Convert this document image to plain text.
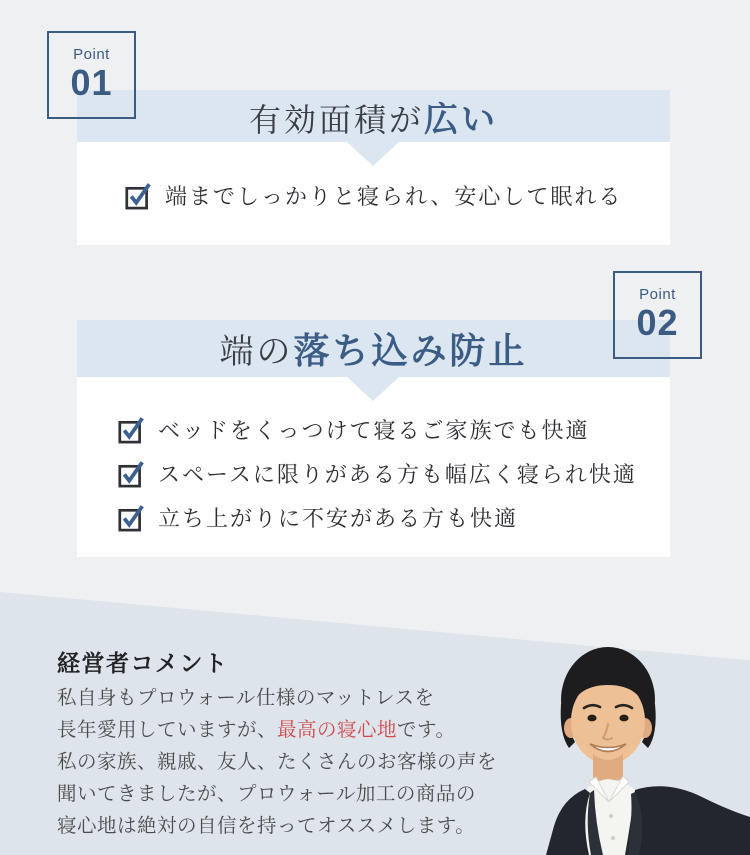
Point
01
有効面積が広い
端までしっかりと寝られ、安心して眠れる
Point
02
端の落ち込み防止
ベッドをくっつけて寝るご家族でも快適
スペースに限りがある方も幅広く寝られ快適
立ち上がりに不安がある方も快適
経営者コメント

私自身もプロウォール仕様のマットレスを
長年愛用していますが、最高の寝心地です。
私の家族、親戚、友人、たくさんのお客様の声を
聞いてきましたが、プロウォール加工の商品の
寝心地は絶対の自信を持ってオススメします。
